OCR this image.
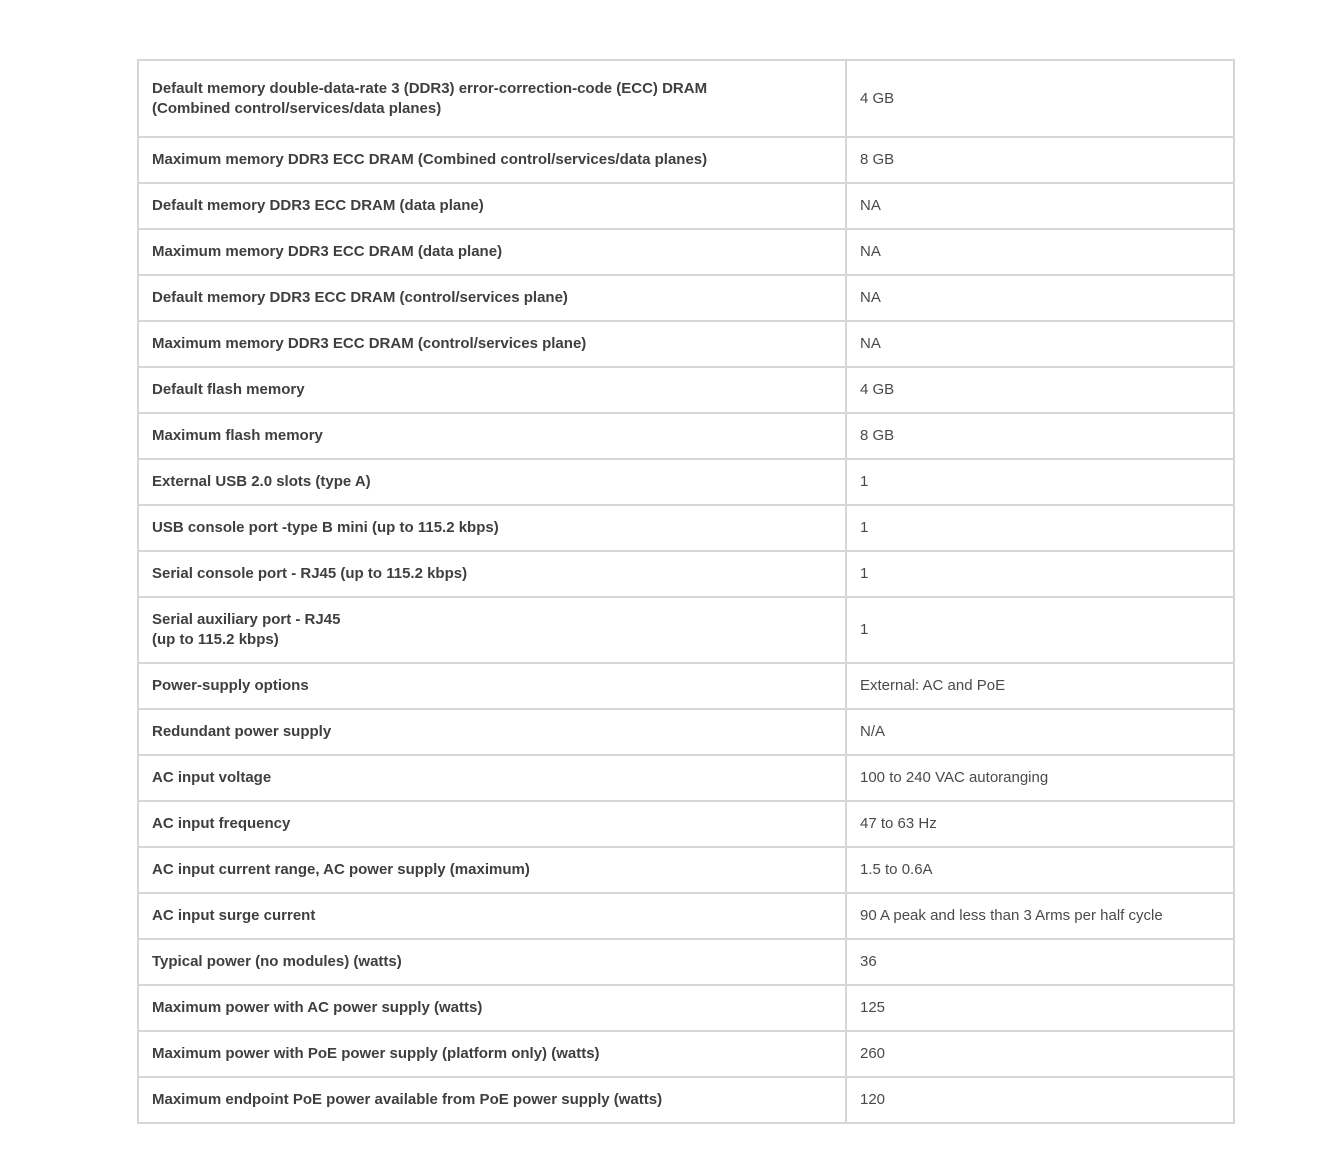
Default memory double-data-rate 3 (DDR3) error-correction-code (ECC) DRAM
(Combined control/services/data planes)	4 GB

Maximum memory DDR3 ECC DRAM (Combined control/services/data planes)	8 GB

Default memory DDR3 ECC DRAM (data plane)	NA

Maximum memory DDR3 ECC DRAM (data plane)	NA

Default memory DDR3 ECC DRAM (control/services plane)	NA

Maximum memory DDR3 ECC DRAM (control/services plane)	NA

Default flash memory	4 GB

Maximum flash memory	8 GB

External USB 2.0 slots (type A)	1

USB console port -type B mini (up to 115.2 kbps)	1

Serial console port - RJ45 (up to 115.2 kbps)	1

Serial auxiliary port - RJ45
(up to 115.2 kbps)	1

Power-supply options	External: AC and PoE

Redundant power supply	N/A

AC input voltage	100 to 240 VAC autoranging

AC input frequency	47 to 63 Hz

AC input current range, AC power supply (maximum)	1.5 to 0.6A

AC input surge current	90 A peak and less than 3 Arms per half cycle

Typical power (no modules) (watts)	36

Maximum power with AC power supply (watts)	125

Maximum power with PoE power supply (platform only) (watts)	260

Maximum endpoint PoE power available from PoE power supply (watts)	120
